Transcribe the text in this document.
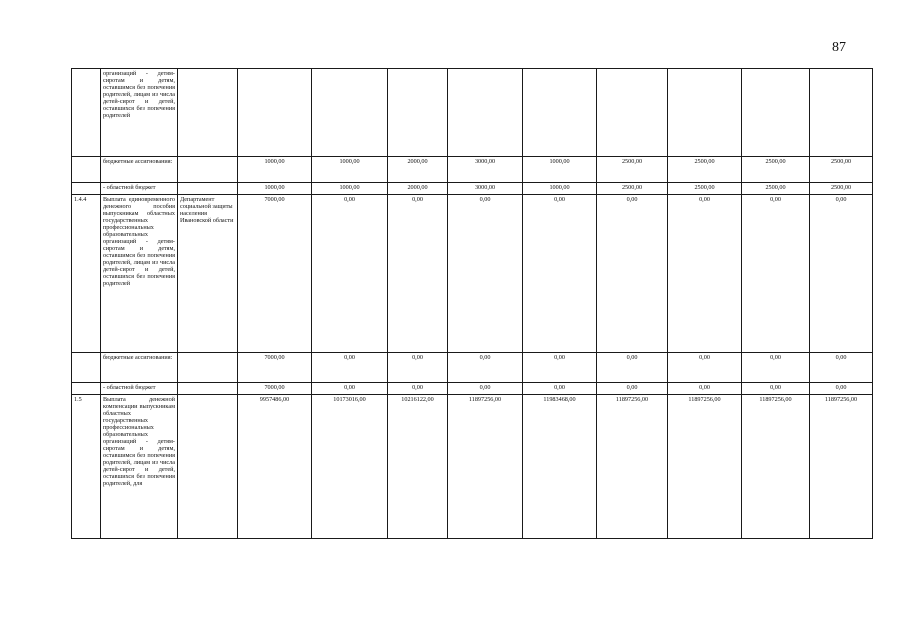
87
	организаций - детям-сиротам и детям, оставшимся без попечения родителей, лицам из числа детей-сирот и детей, оставшихся без попечения родителей										
	бюджетные ассигнования:		1000,00	1000,00	2000,00	3000,00	1000,00	2500,00	2500,00	2500,00	2500,00
	- областной бюджет		1000,00	1000,00	2000,00	3000,00	1000,00	2500,00	2500,00	2500,00	2500,00
1.4.4	Выплата единовременного денежного пособия выпускникам областных государственных профессиональных образовательных организаций - детям-сиротам и детям, оставшимся без попечения родителей, лицам из числа детей-сирот и детей, оставшихся без попечения родителей	Департамент социальной защиты населения Ивановской области	7000,00	0,00	0,00	0,00	0,00	0,00	0,00	0,00	0,00
	бюджетные ассигнования:		7000,00	0,00	0,00	0,00	0,00	0,00	0,00	0,00	0,00
	- областной бюджет		7000,00	0,00	0,00	0,00	0,00	0,00	0,00	0,00	0,00
1.5	Выплата денежной компенсации выпускникам областных государственных профессиональных образовательных организаций - детям-сиротам и детям, оставшимся без попечения родителей, лицам из числа детей-сирот и детей, оставшихся без попечения родителей, для		9957486,00	10173016,00	10216122,00	11897256,00	11983468,00	11897256,00	11897256,00	11897256,00	11897256,00
